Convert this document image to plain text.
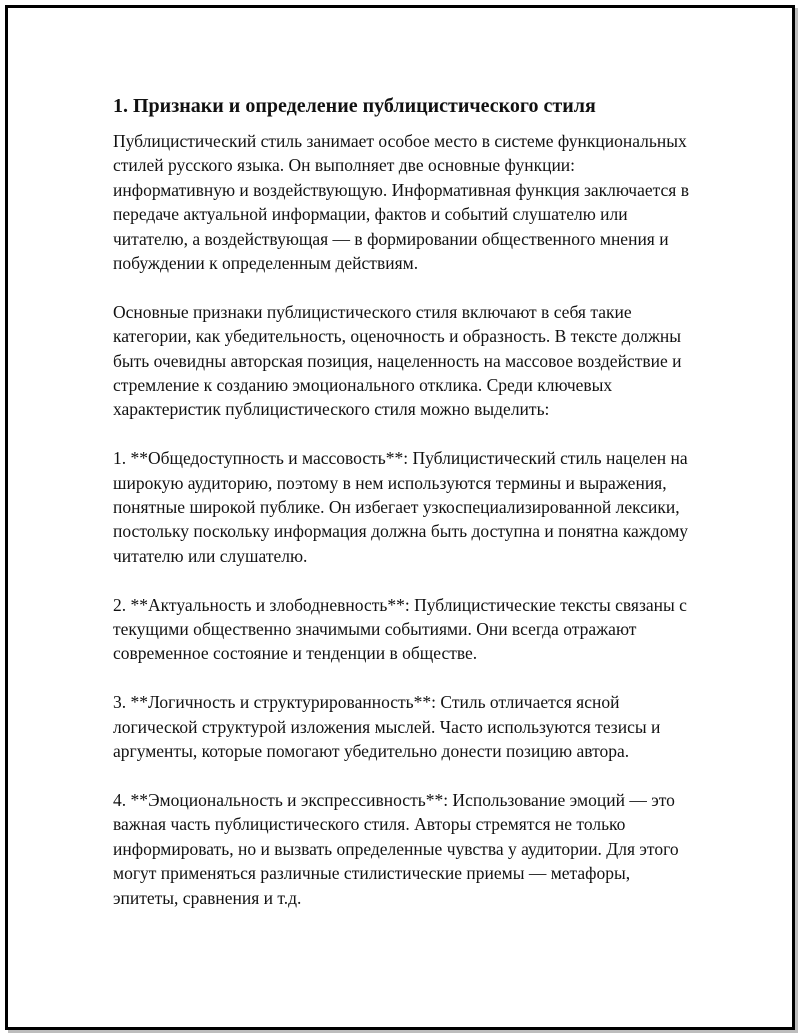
1. Признаки и определение публицистического стиля

Публицистический стиль занимает особое место в системе функциональных стилей русского языка. Он выполняет две основные функции: информативную и воздействующую. Информативная функция заключается в передаче актуальной информации, фактов и событий слушателю или читателю, а воздействующая — в формировании общественного мнения и побуждении к определенным действиям.

Основные признаки публицистического стиля включают в себя такие категории, как убедительность, оценочность и образность. В тексте должны быть очевидны авторская позиция, нацеленность на массовое воздействие и стремление к созданию эмоционального отклика. Среди ключевых характеристик публицистического стиля можно выделить:

1. **Общедоступность и массовость**: Публицистический стиль нацелен на широкую аудиторию, поэтому в нем используются термины и выражения, понятные широкой публике. Он избегает узкоспециализированной лексики, постольку поскольку информация должна быть доступна и понятна каждому читателю или слушателю.

2. **Актуальность и злободневность**: Публицистические тексты связаны с текущими общественно значимыми событиями. Они всегда отражают современное состояние и тенденции в обществе.

3. **Логичность и структурированность**: Стиль отличается ясной логической структурой изложения мыслей. Часто используются тезисы и аргументы, которые помогают убедительно донести позицию автора.

4. **Эмоциональность и экспрессивность**: Использование эмоций — это важная часть публицистического стиля. Авторы стремятся не только информировать, но и вызвать определенные чувства у аудитории. Для этого могут применяться различные стилистические приемы — метафоры, эпитеты, сравнения и т.д.
